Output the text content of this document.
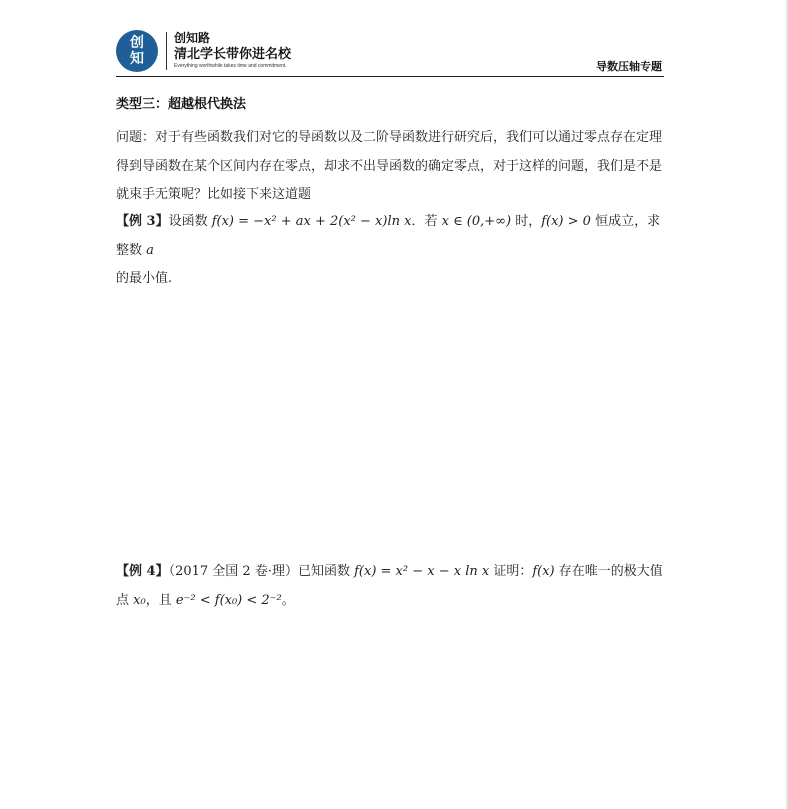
创
知
创知路
清北学长带你进名校
Everything worthwhile takes time and commitment.	导数压轴专题
类型三：超越根代换法
问题：对于有些函数我们对它的导函数以及二阶导函数进行研究后，我们可以通过零点存在定理得到导函数在某个区间内存在零点，却求不出导函数的确定零点，对于这样的问题，我们是不是就束手无策呢？比如接下来这道题
【例 3】设函数 f(x) = −x² + ax + 2(x² − x)ln x．若 x ∈ (0,+∞) 时，f(x) > 0 恒成立，求整数 a
的最小值.
【例 4】（2017 全国 2 卷·理）已知函数 f(x) = x² − x − x ln x 证明：f(x) 存在唯一的极大值点 x₀，且 e⁻² < f(x₀) < 2⁻²。
